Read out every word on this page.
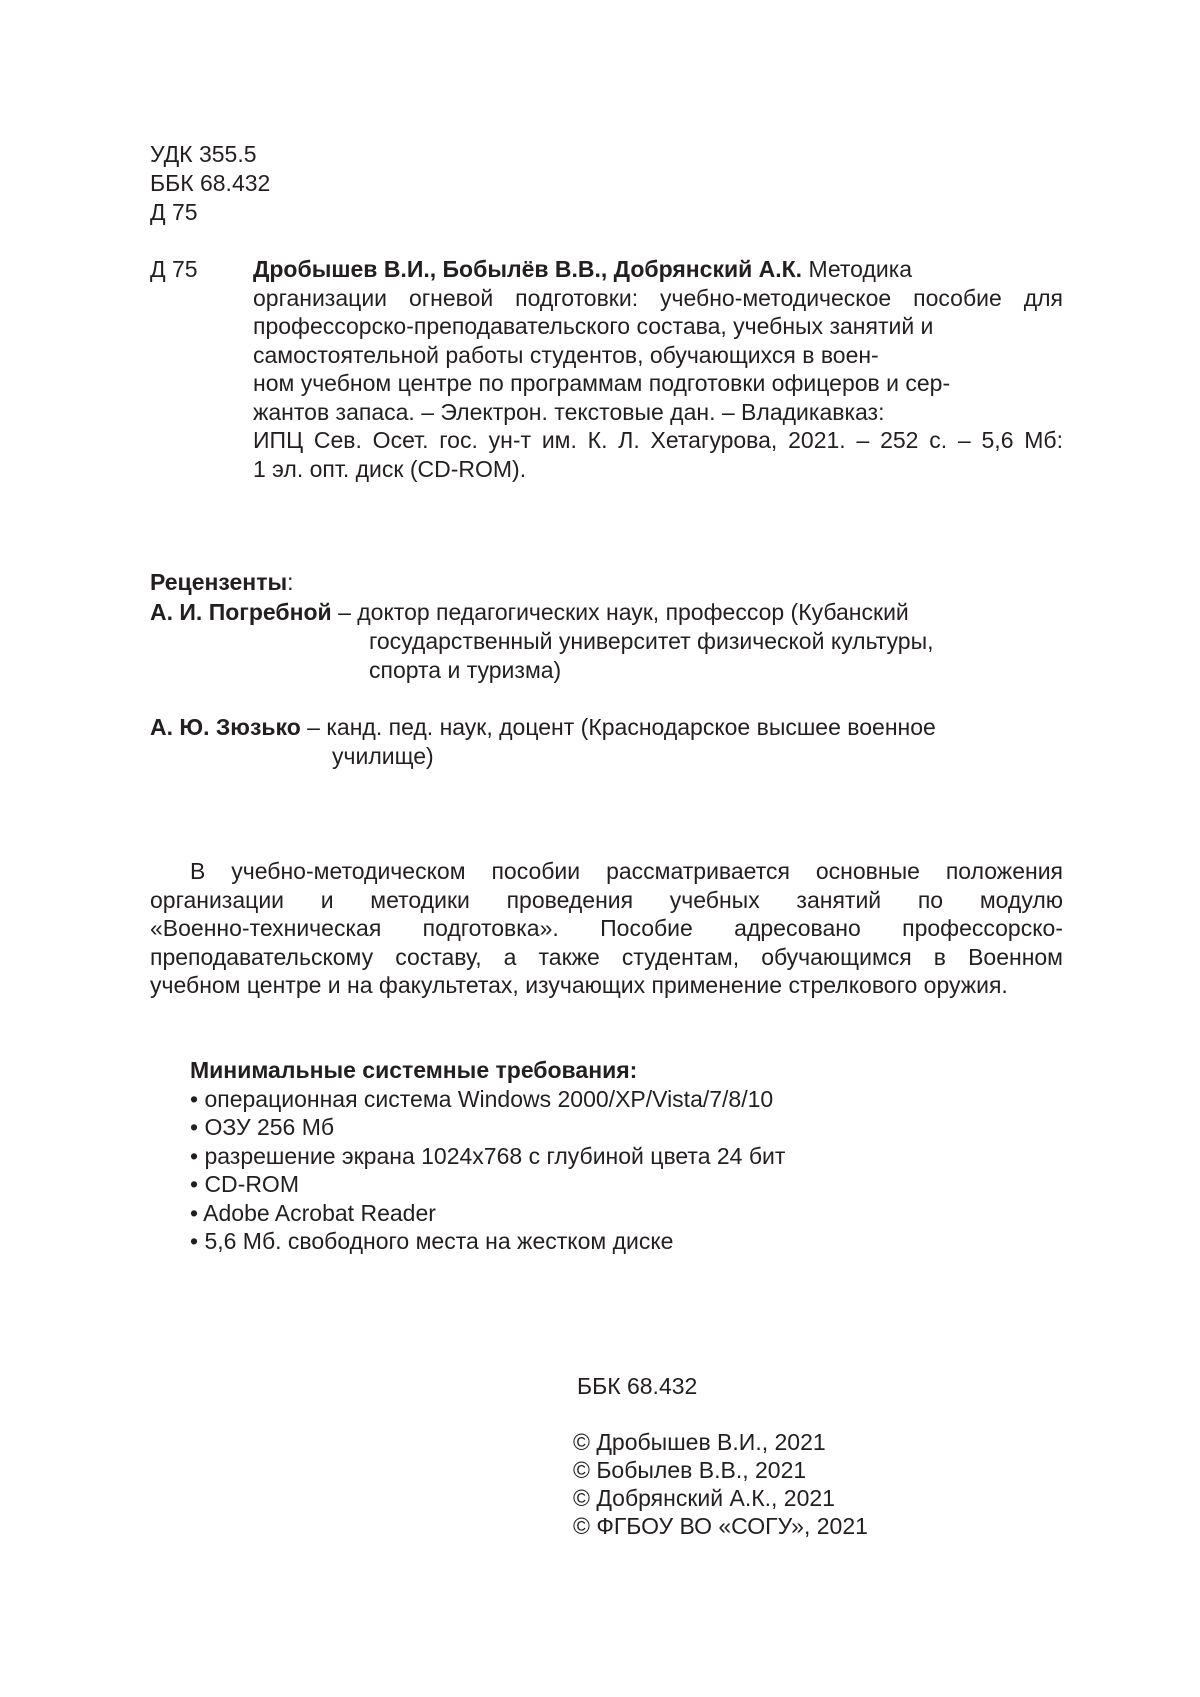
УДК 355.5
ББК 68.432
Д 75
Д 75 Дробышев В.И., Бобылёв В.В., Добрянский А.К. Методика
организации огневой подготовки: учебно-методическое пособие для
профессорско-преподавательского состава, учебных занятий и
самостоятельной работы студентов, обучающихся в воен-
ном учебном центре по программам подготовки офицеров и сер-
жантов запаса. – Электрон. текстовые дан. – Владикавказ:
ИПЦ Сев. Осет. гос. ун-т им. К. Л. Хетагурова, 2021. – 252 с. – 5,6 Мб:
1 эл. опт. диск (CD-ROM).
Рецензенты:
А. И. Погребной – доктор педагогических наук, профессор (Кубанский
государственный университет физической культуры,
спорта и туризма)
А. Ю. Зюзько – канд. пед. наук, доцент (Краснодарское высшее военное
училище)
В учебно-методическом пособии рассматривается основные положения
организации и методики проведения учебных занятий по модулю
«Военно-техническая подготовка». Пособие адресовано профессорско-
преподавательскому составу, а также студентам, обучающимся в Военном
учебном центре и на факультетах, изучающих применение стрелкового оружия.
Минимальные системные требования:
• операционная система Windows 2000/XP/Vista/7/8/10
• ОЗУ 256 Мб
• разрешение экрана 1024x768 с глубиной цвета 24 бит
• CD-ROM
• Adobe Acrobat Reader
• 5,6 Мб. свободного места на жестком диске
ББК 68.432
© Дробышев В.И., 2021
© Бобылев В.В., 2021
© Добрянский А.К., 2021
© ФГБОУ ВО «СОГУ», 2021
